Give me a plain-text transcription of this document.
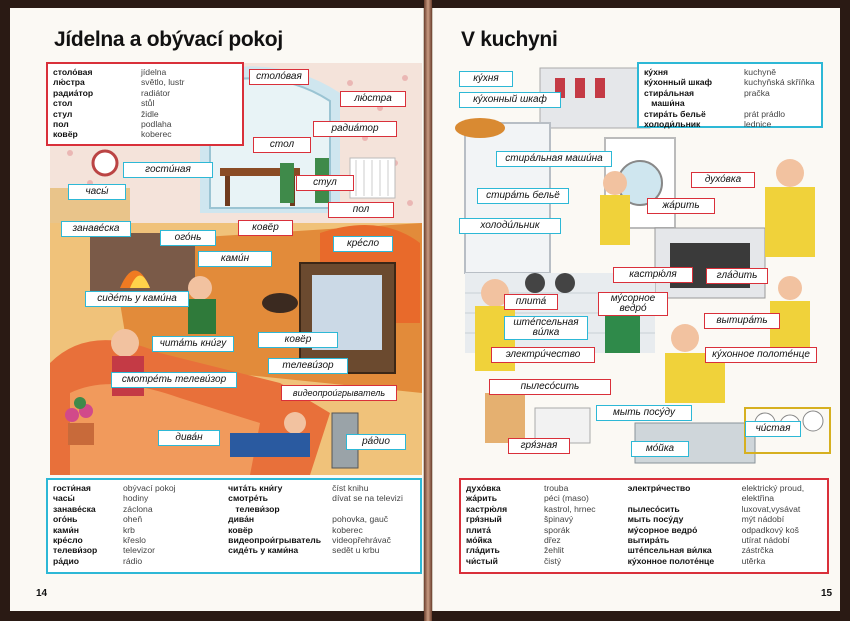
Jídelna a obývací pokoj
столо́вая	jídelna
лю́стра	světlo, lustr
радиа́тор	radiátor
стол	stůl
стул	židle
пол	podlaha
ковёр	koberec
столо́вая
лю́стра
радиа́тор
стол
гости́ная
стул
часы́
пол
занаве́ска
ого́нь
ковёр
кре́сло
ками́н
сиде́ть у ками́на
чита́ть кни́гу	ковёр
телеви́зор
смотре́ть телеви́зор
видеопрои́грыватель
дива́н	ра́дио
гости́ная	obývací pokoj
часы́	hodiny
занаве́ска	záclona
ого́нь	oheň
ками́н	krb
кре́сло	křeslo
телеви́зор	televizor
ра́дио	rádio
чита́ть кни́гу	číst knihu
смотре́ть	dívat se na televizi
телеви́зор
дива́н	pohovka, gauč
ковёр	koberec
видеопрои́грыватель	videopřehrávač
сиде́ть у ками́на	sedět u krbu
14
V kuchyni
ку́хня	kuchyně
ку́хонный шкаф	kuchyňská skříňka
стира́льная	pračka
маши́на
стира́ть бельё	prát prádlo
холоди́льник	lednice
ку́хня
ку́хонный шкаф
стира́льная маши́на
стира́ть бельё
духо́вка
жа́рить
холоди́льник
кастрю́ля	гла́дить
плита́	му́сорное
ведро́
вытира́ть
ште́псельная
ви́лка
электри́чество	ку́хонное полоте́нце
пылесо́сить
мыть посу́ду
чи́стая
гря́зная	мо́йка
духо́вка	trouba
жа́рить	péci (maso)
кастрю́ля	kastrol, hrnec
гря́зный	špinavý
плита́	sporák
мо́йка	dřez
гла́дить	žehlit
чи́стый	čistý
электри́чество	elektrický proud,
elektřina
пылесо́сить	luxovat,vysávat
мыть посу́ду	mýt nádobí
му́сорное ведро́	odpadkový koš
вытира́ть	utírat nádobí
ште́псельная ви́лка	zástrčka
ку́хонное полоте́нце	utěrka
15
